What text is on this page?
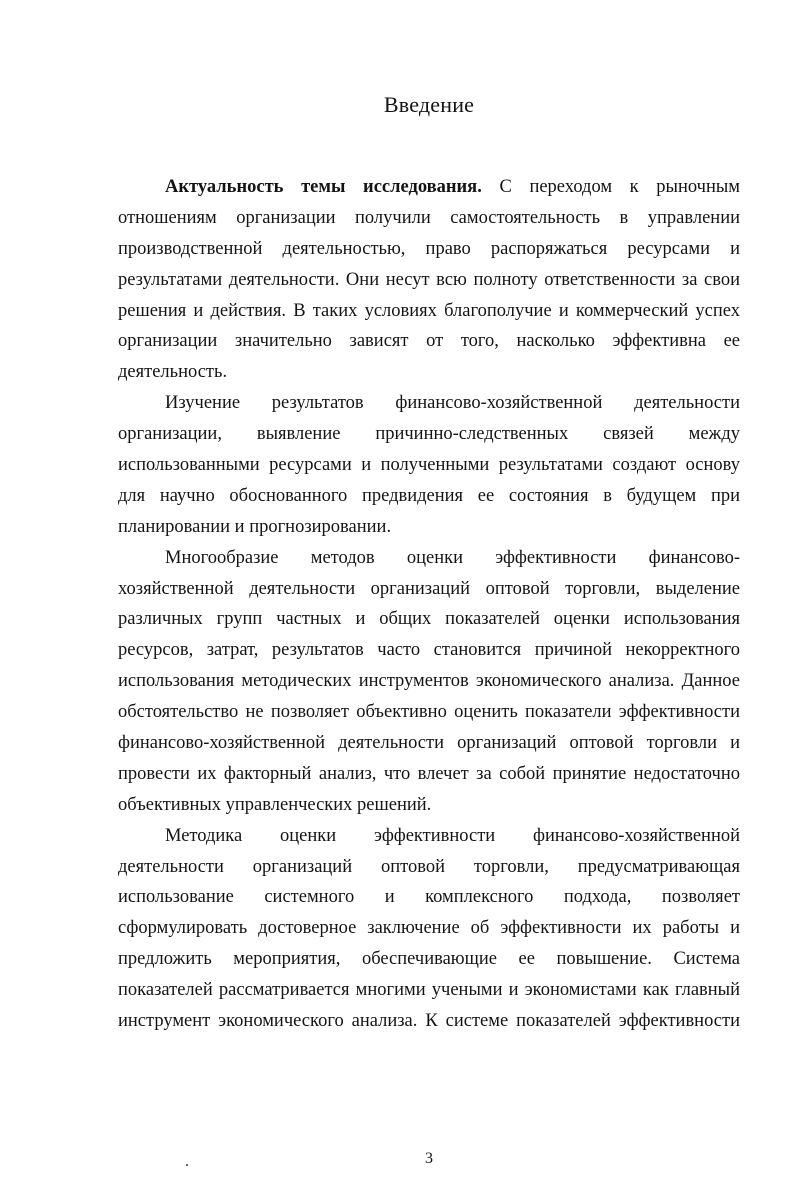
Введение
Актуальность темы исследования. С переходом к рыночным
отношениям организации получили самостоятельность в управлении
производственной деятельностью, право распоряжаться ресурсами и
результатами деятельности. Они несут всю полноту ответственности за свои
решения и действия. В таких условиях благополучие и коммерческий успех
организации значительно зависят от того, насколько эффективна ее
деятельность.
Изучение результатов финансово-хозяйственной деятельности
организации, выявление причинно-следственных связей между
использованными ресурсами и полученными результатами создают основу
для научно обоснованного предвидения ее состояния в будущем при
планировании и прогнозировании.
Многообразие методов оценки эффективности финансово-
хозяйственной деятельности организаций оптовой торговли, выделение
различных групп частных и общих показателей оценки использования
ресурсов, затрат, результатов часто становится причиной некорректного
использования методических инструментов экономического анализа. Данное
обстоятельство не позволяет объективно оценить показатели эффективности
финансово-хозяйственной деятельности организаций оптовой торговли и
провести их факторный анализ, что влечет за собой принятие недостаточно
объективных управленческих решений.
Методика оценки эффективности финансово-хозяйственной
деятельности организаций оптовой торговли, предусматривающая
использование системного и комплексного подхода, позволяет
сформулировать достоверное заключение об эффективности их работы и
предложить мероприятия, обеспечивающие ее повышение. Система
показателей рассматривается многими учеными и экономистами как главный
инструмент экономического анализа. К системе показателей эффективности
3
